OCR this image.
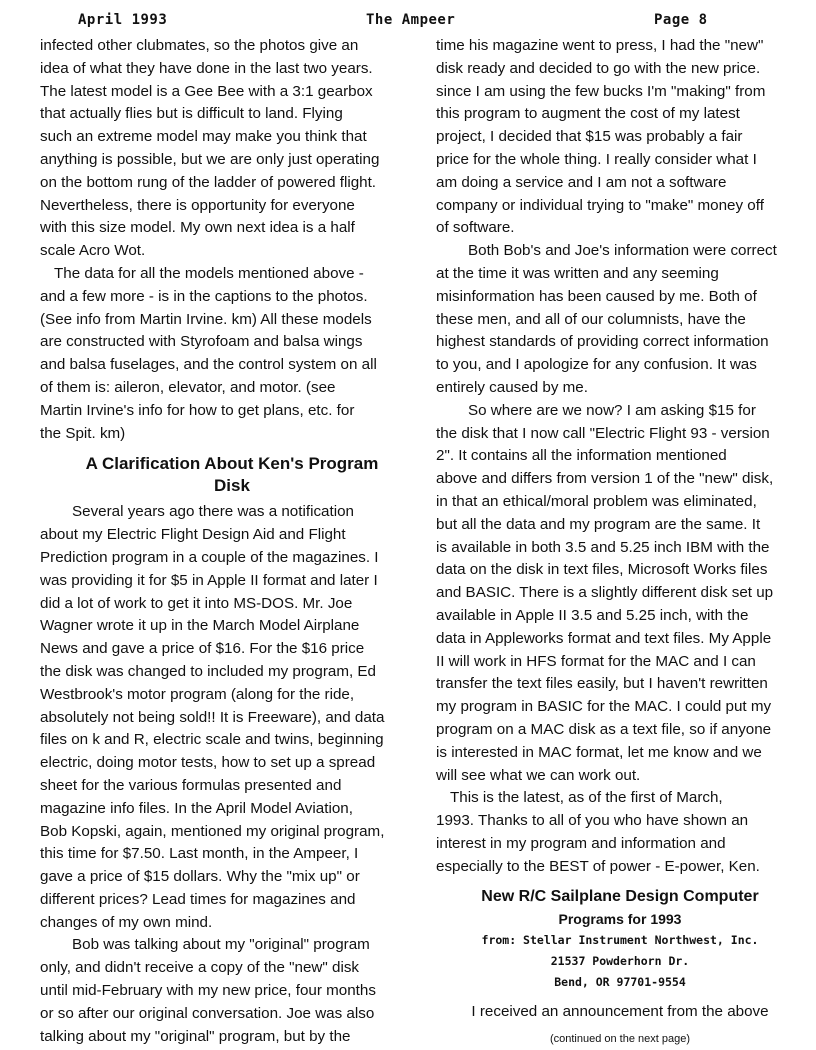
April 1993	The Ampeer	Page 8
infected other clubmates, so the photos give an
idea of what they have done in the last two years.
The latest model is a Gee Bee with a 3:1 gearbox
that actually flies but is difficult to land. Flying
such an extreme model may make you think that
anything is possible, but we are only just operating
on the bottom rung of the ladder of powered flight.
Nevertheless, there is opportunity for everyone
with this size model. My own next idea is a half
scale Acro Wot.
The data for all the models mentioned above -
and a few more - is in the captions to the photos.
(See info from Martin Irvine. km) All these models
are constructed with Styrofoam and balsa wings
and balsa fuselages, and the control system on all
of them is: aileron, elevator, and motor. (see
Martin Irvine's info for how to get plans, etc. for
the Spit. km)
A Clarification About Ken's Program
Disk
Several years ago there was a notification
about my Electric Flight Design Aid and Flight
Prediction program in a couple of the magazines. I
was providing it for $5 in Apple II format and later I
did a lot of work to get it into MS-DOS. Mr. Joe
Wagner wrote it up in the March Model Airplane
News and gave a price of $16. For the $16 price
the disk was changed to included my program, Ed
Westbrook's motor program (along for the ride,
absolutely not being sold!! It is Freeware), and data
files on k and R, electric scale and twins, beginning
electric, doing motor tests, how to set up a spread
sheet for the various formulas presented and
magazine info files. In the April Model Aviation,
Bob Kopski, again, mentioned my original program,
this time for $7.50. Last month, in the Ampeer, I
gave a price of $15 dollars. Why the "mix up" or
different prices? Lead times for magazines and
changes of my own mind.
Bob was talking about my "original" program
only, and didn't receive a copy of the "new" disk
until mid-February with my new price, four months
or so after our original conversation. Joe was also
talking about my "original" program, but by the
time his magazine went to press, I had the "new"
disk ready and decided to go with the new price.
since I am using the few bucks I'm "making" from
this program to augment the cost of my latest
project, I decided that $15 was probably a fair
price for the whole thing. I really consider what I
am doing a service and I am not a software
company or individual trying to "make" money off
of software.
Both Bob's and Joe's information were correct
at the time it was written and any seeming
misinformation has been caused by me. Both of
these men, and all of our columnists, have the
highest standards of providing correct information
to you, and I apologize for any confusion. It was
entirely caused by me.
So where are we now? I am asking $15 for
the disk that I now call "Electric Flight 93 - version
2". It contains all the information mentioned
above and differs from version 1 of the "new" disk,
in that an ethical/moral problem was eliminated,
but all the data and my program are the same. It
is available in both 3.5 and 5.25 inch IBM with the
data on the disk in text files, Microsoft Works files
and BASIC. There is a slightly different disk set up
available in Apple II 3.5 and 5.25 inch, with the
data in Appleworks format and text files. My Apple
II will work in HFS format for the MAC and I can
transfer the text files easily, but I haven't rewritten
my program in BASIC for the MAC. I could put my
program on a MAC disk as a text file, so if anyone
is interested in MAC format, let me know and we
will see what we can work out.
This is the latest, as of the first of March,
1993. Thanks to all of you who have shown an
interest in my program and information and
especially to the BEST of power - E-power, Ken.
New R/C Sailplane Design Computer
Programs for 1993
from: Stellar Instrument Northwest, Inc.
21537 Powderhorn Dr.
Bend, OR 97701-9554
I received an announcement from the above
(continued on the next page)
